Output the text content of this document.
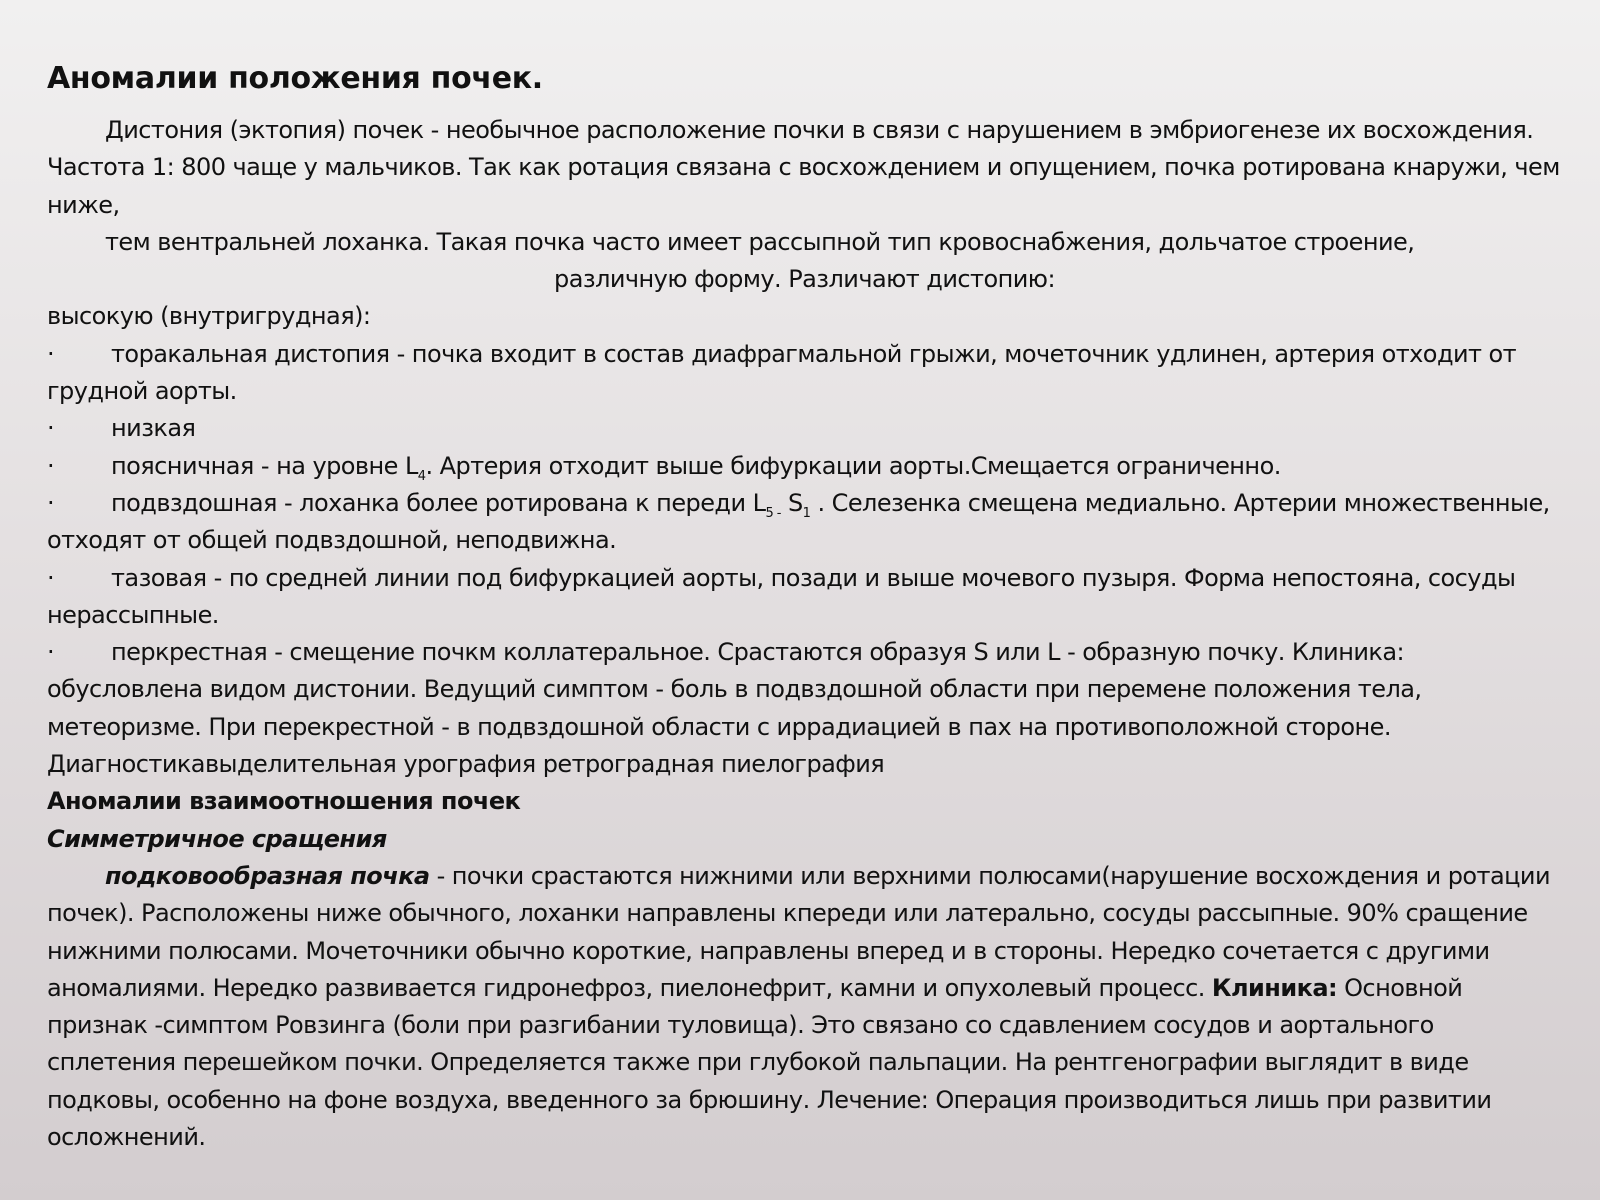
Аномалии положения почек.

Дистония (эктопия) почек - необычное расположение почки в связи с нарушением в эмбриогенезе их восхождения. Частота 1: 800 чаще у мальчиков. Так как ротация связана с восхождением и опущением, почка ротирована кнаружи, чем ниже,

тем вентральней лоханка. Такая почка часто имеет рассыпной тип кровоснабжения, дольчатое строение,

различную форму. Различают дистопию:

высокую (внутригрудная):

· торакальная дистопия - почка входит в состав диафрагмальной грыжи, мочеточник удлинен, артерия отходит от грудной аорты.

· низкая

· поясничная - на уровне $L_4$. Артерия отходит выше бифуркации аорты.Смещается ограниченно.

· подвздошная - лоханка более ротирована к переди $L_{5 -}$ $S_1$ . Селезенка смещена медиально. Артерии множественные, отходят от общей подвздошной, неподвижна.

· тазовая - по средней линии под бифуркацией аорты, позади и выше мочевого пузыря. Форма непостояна, сосуды нерассыпные.

· перкрестная - смещение почкм коллатеральное. Срастаются образуя S или L - образную почку. Клиника: обусловлена видом дистонии. Ведущий симптом - боль в подвздошной области при перемене положения тела, метеоризме. При перекрестной - в подвздошной области с иррадиацией в пах на противоположной стороне.

Диагностикавыделительная урография ретроградная пиелография

Аномалии взаимоотношения почек

Симметричное сращения

подковообразная почка - почки срастаются нижними или верхними полюсами(нарушение восхождения и ротации почек). Расположены ниже обычного, лоханки направлены кпереди или латерально, сосуды рассыпные. 90% сращение нижними полюсами. Мочеточники обычно короткие, направлены вперед и в стороны. Нередко сочетается с другими аномалиями. Нередко развивается гидронефроз, пиелонефрит, камни и опухолевый процесс. Клиника: Основной признак -симптом Ровзинга (боли при разгибании туловища). Это связано со сдавлением сосудов и аортального сплетения перешейком почки. Определяется также при глубокой пальпации. На рентгенографии выглядит в виде подковы, особенно на фоне воздуха, введенного за брюшину. Лечение: Операция производиться лишь при развитии осложнений.
